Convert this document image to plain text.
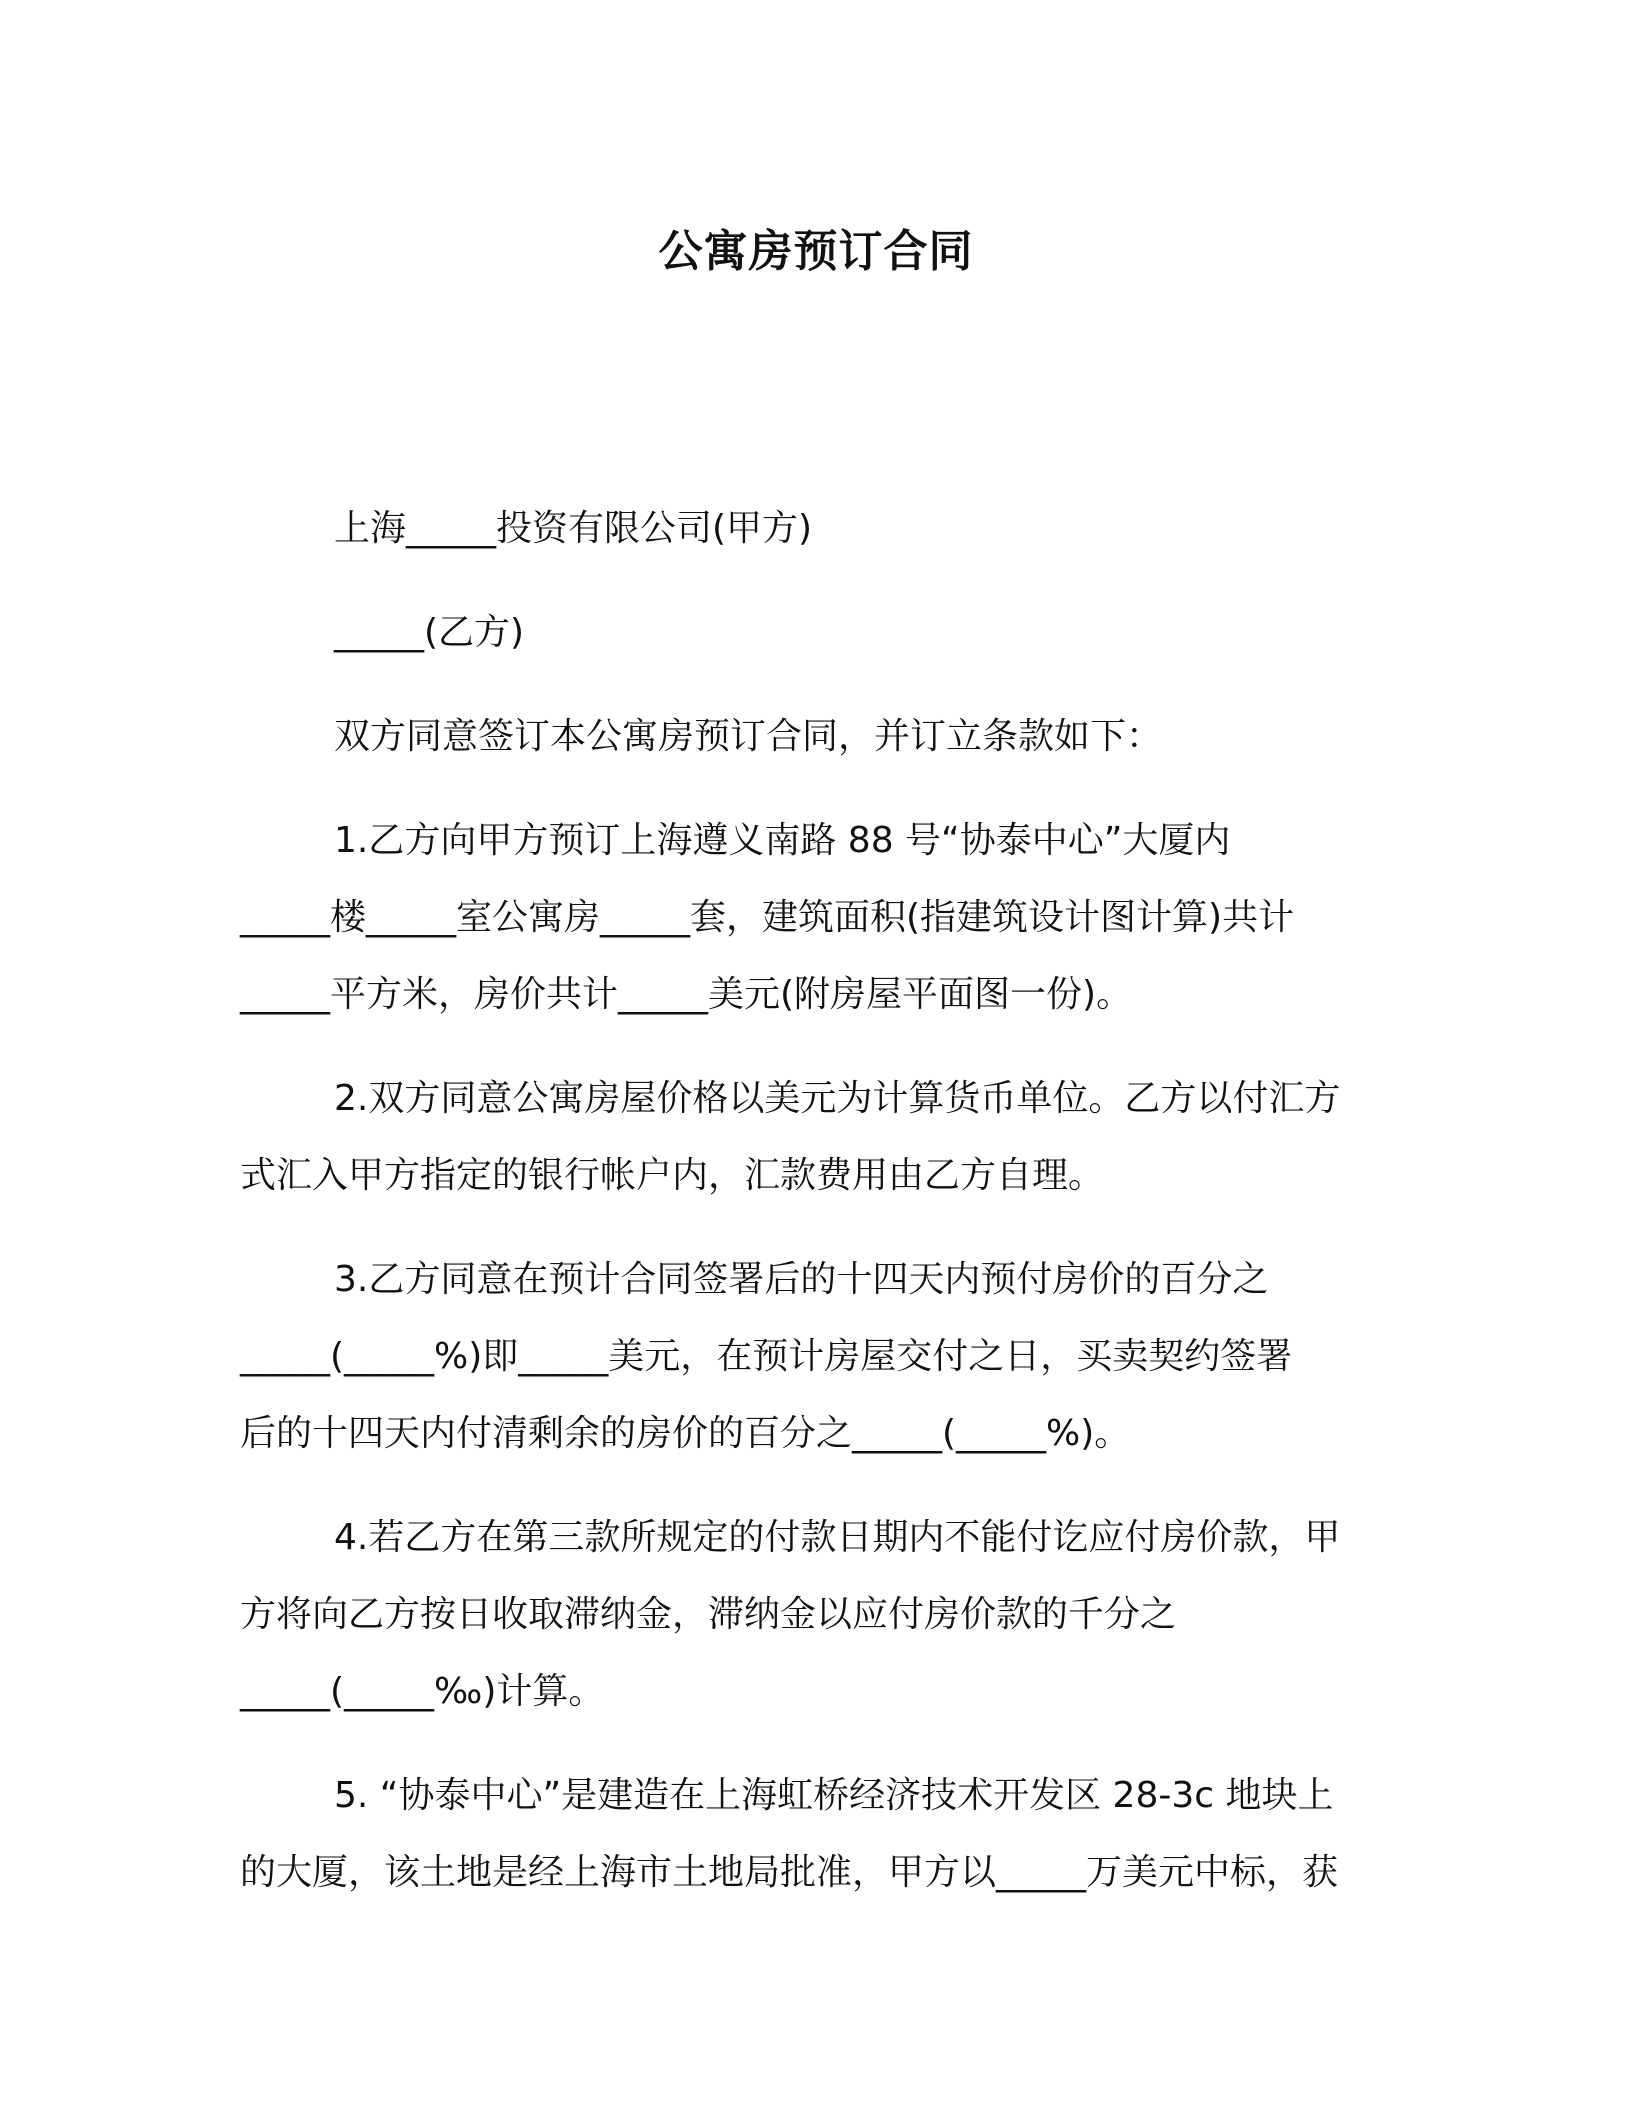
公寓房预订合同
上海_____投资有限公司(甲方)
_____(乙方)
双方同意签订本公寓房预订合同，并订立条款如下：
1.乙方向甲方预订上海遵义南路 88 号“协泰中心”大厦内
_____楼_____室公寓房_____套，建筑面积(指建筑设计图计算)共计
_____平方米，房价共计_____美元(附房屋平面图一份)。
2.双方同意公寓房屋价格以美元为计算货币单位。乙方以付汇方
式汇入甲方指定的银行帐户内，汇款费用由乙方自理。
3.乙方同意在预计合同签署后的十四天内预付房价的百分之
_____(_____%)即_____美元，在预计房屋交付之日，买卖契约签署
后的十四天内付清剩余的房价的百分之_____(_____%)。
4.若乙方在第三款所规定的付款日期内不能付讫应付房价款，甲
方将向乙方按日收取滞纳金，滞纳金以应付房价款的千分之
_____(_____‰)计算。
5. “协泰中心”是建造在上海虹桥经济技术开发区 28-3c 地块上
的大厦，该土地是经上海市土地局批准，甲方以_____万美元中标，获
